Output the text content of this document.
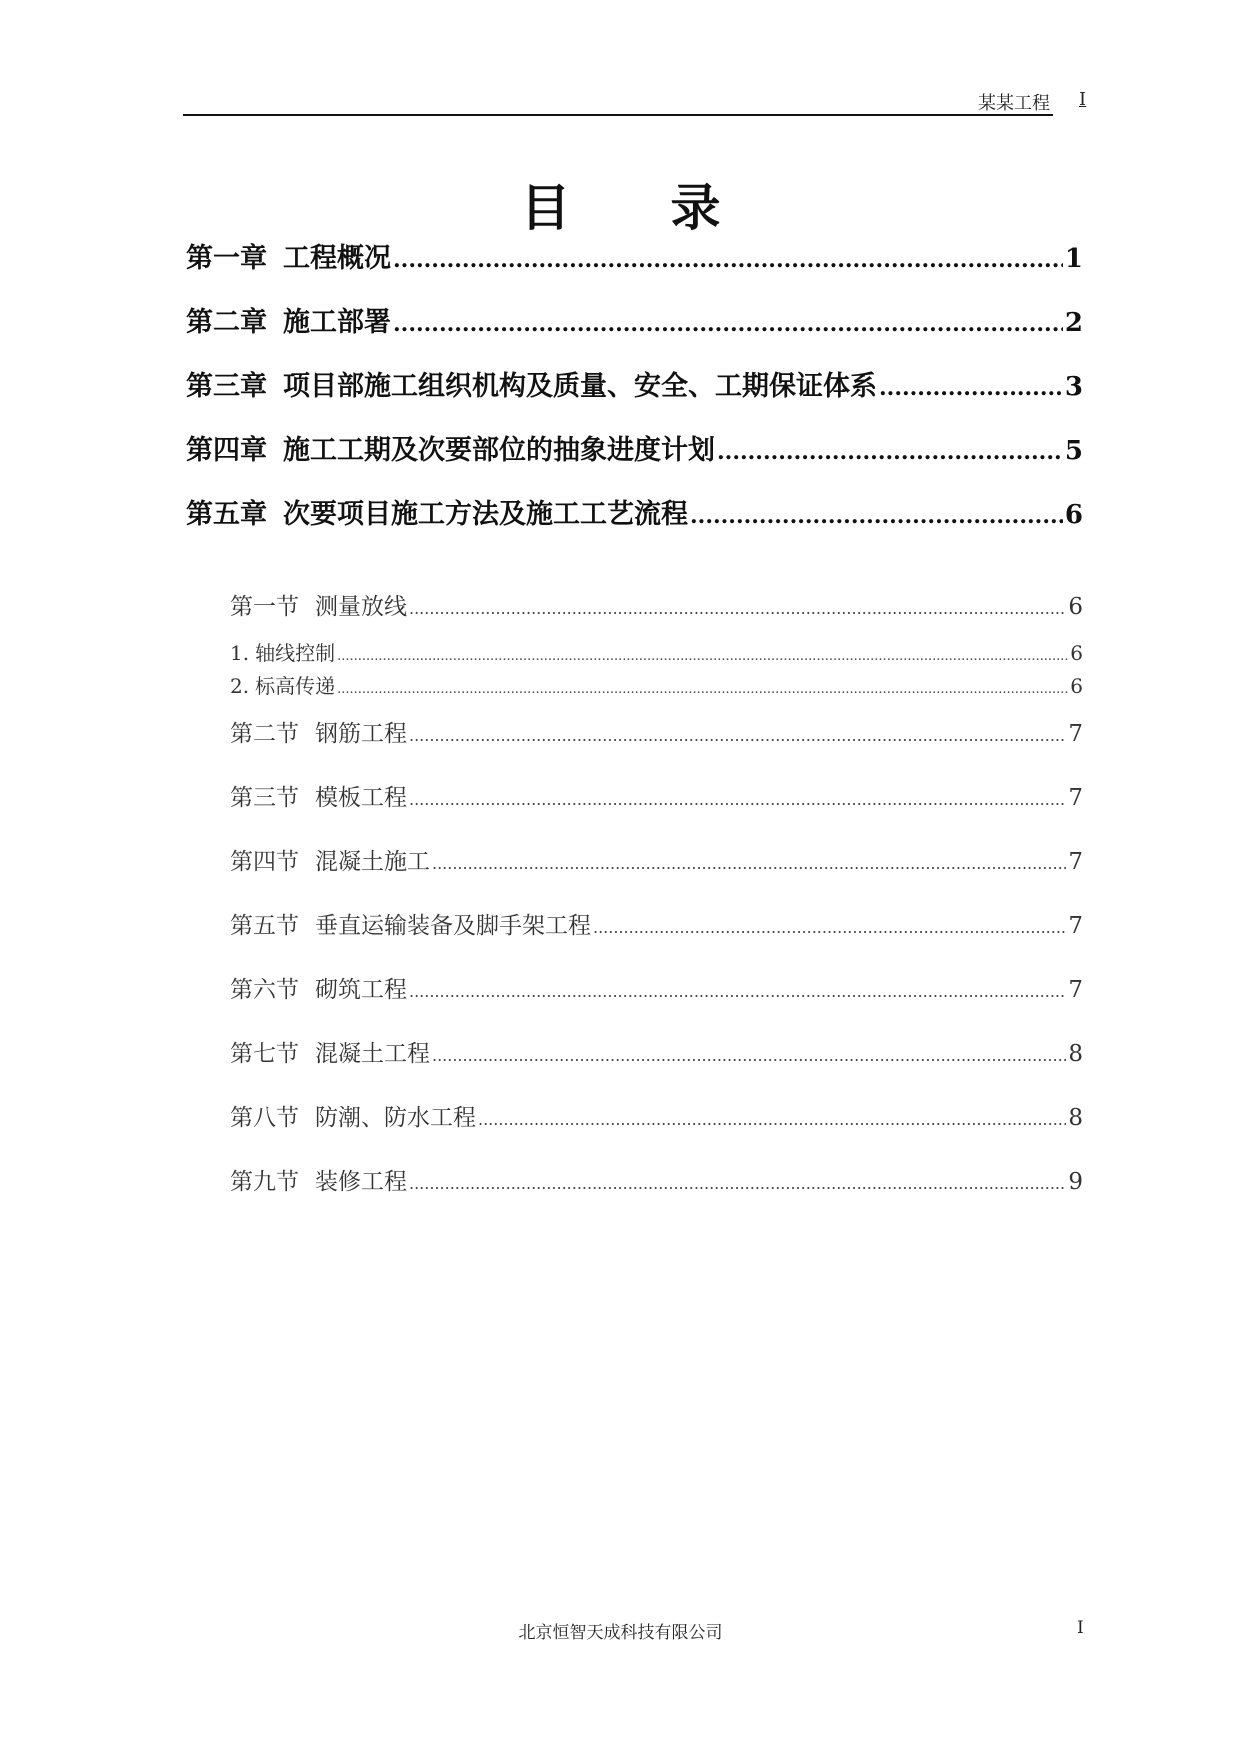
某某工程 I
目录
第一章 工程概况 .....	1
第二章 施工部署 .....	2
第三章 项目部施工组织机构及质量、安全、工期保证体系 .....	3
第四章 施工工期及次要部位的抽象进度计划 .....	5
第五章 次要项目施工方法及施工工艺流程 .....	6
第一节 测量放线 .....	6
1. 轴线控制 .....	6
2. 标高传递 .....	6
第二节 钢筋工程 .....	7
第三节 模板工程 .....	7
第四节 混凝土施工 .....	7
第五节 垂直运输装备及脚手架工程 .....	7
第六节 砌筑工程 .....	7
第七节 混凝土工程 .....	8
第八节 防潮、防水工程 .....	8
第九节 装修工程 .....	9
北京恒智天成科技有限公司	I
